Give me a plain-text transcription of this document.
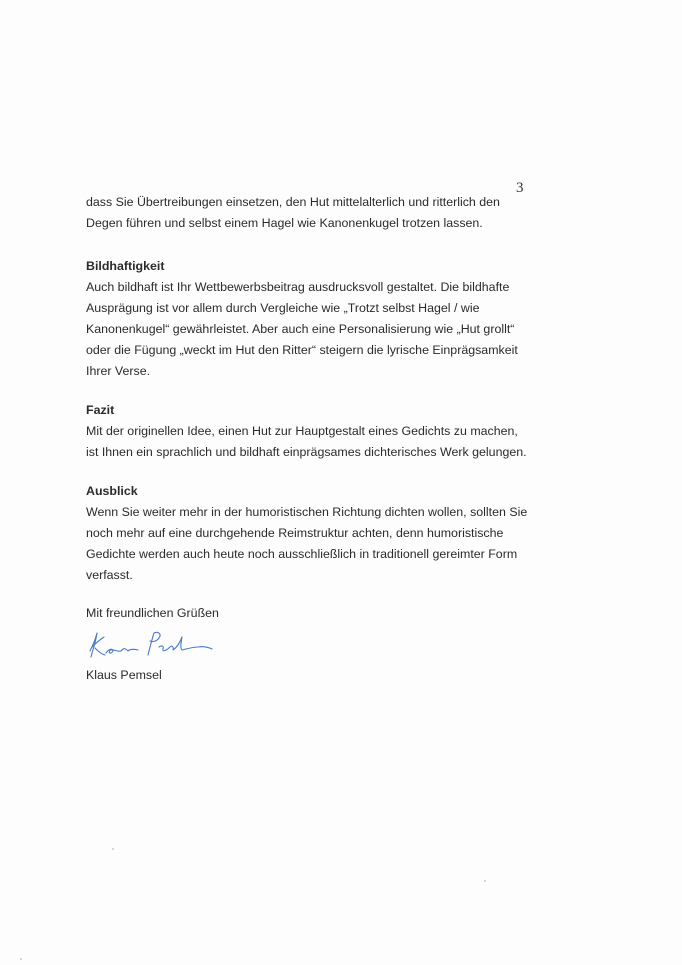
3
dass Sie Übertreibungen einsetzen, den Hut mittelalterlich und ritterlich den
Degen führen und selbst einem Hagel wie Kanonenkugel trotzen lassen.
Bildhaftigkeit
Auch bildhaft ist Ihr Wettbewerbsbeitrag ausdrucksvoll gestaltet. Die bildhafte
Ausprägung ist vor allem durch Vergleiche wie „Trotzt selbst Hagel / wie
Kanonenkugel“ gewährleistet. Aber auch eine Personalisierung wie „Hut grollt“
oder die Fügung „weckt im Hut den Ritter“ steigern die lyrische Einprägsamkeit
Ihrer Verse.
Fazit
Mit der originellen Idee, einen Hut zur Hauptgestalt eines Gedichts zu machen,
ist Ihnen ein sprachlich und bildhaft einprägsames dichterisches Werk gelungen.
Ausblick
Wenn Sie weiter mehr in der humoristischen Richtung dichten wollen, sollten Sie
noch mehr auf eine durchgehende Reimstruktur achten, denn humoristische
Gedichte werden auch heute noch ausschließlich in traditionell gereimter Form
verfasst.
Mit freundlichen Grüßen
Klaus Pemsel
